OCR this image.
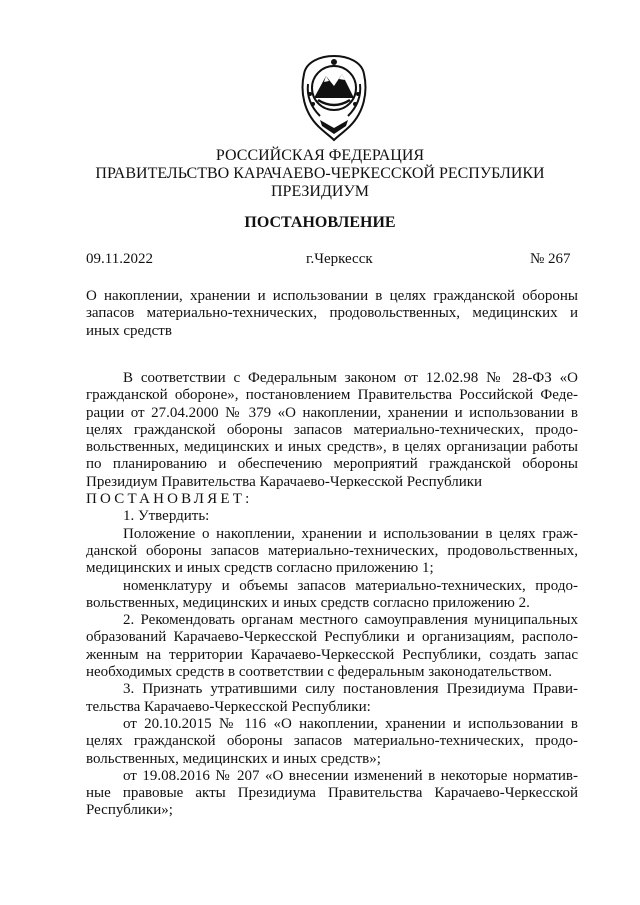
РОССИЙСКАЯ ФЕДЕРАЦИЯ
ПРАВИТЕЛЬСТВО КАРАЧАЕВО-ЧЕРКЕССКОЙ РЕСПУБЛИКИ
ПРЕЗИДИУМ
ПОСТАНОВЛЕНИЕ
09.11.2022	г.Черкесск	№ 267

О накоплении, хранении и использовании в целях гражданской обороны

запасов материально-технических, продовольственных, медицинских и

иных средств

В соответствии с Федеральным законом от 12.02.98 № 28-ФЗ «О

гражданской обороне», постановлением Правительства Российской Феде-

рации от 27.04.2000 № 379 «О накоплении, хранении и использовании в

целях гражданской обороны запасов материально-технических, продо-

вольственных, медицинских и иных средств», в целях организации работы

по планированию и обеспечению мероприятий гражданской обороны

Президиум Правительства Карачаево-Черкесской Республики

ПОСТАНОВЛЯЕТ:

1. Утвердить:

Положение о накоплении, хранении и использовании в целях граж-

данской обороны запасов материально-технических, продовольственных,

медицинских и иных средств согласно приложению 1;

номенклатуру и объемы запасов материально-технических, продо-

вольственных, медицинских и иных средств согласно приложению 2.

2. Рекомендовать органам местного самоуправления муниципальных

образований Карачаево-Черкесской Республики и организациям, располо-

женным на территории Карачаево-Черкесской Республики, создать запас

необходимых средств в соответствии с федеральным законодательством.

3. Признать утратившими силу постановления Президиума Прави-

тельства Карачаево-Черкесской Республики:

от 20.10.2015 № 116 «О накоплении, хранении и использовании в

целях гражданской обороны запасов материально-технических, продо-

вольственных, медицинских и иных средств»;

от 19.08.2016 № 207 «О внесении изменений в некоторые норматив-

ные правовые акты Президиума Правительства Карачаево-Черкесской

Республики»;
